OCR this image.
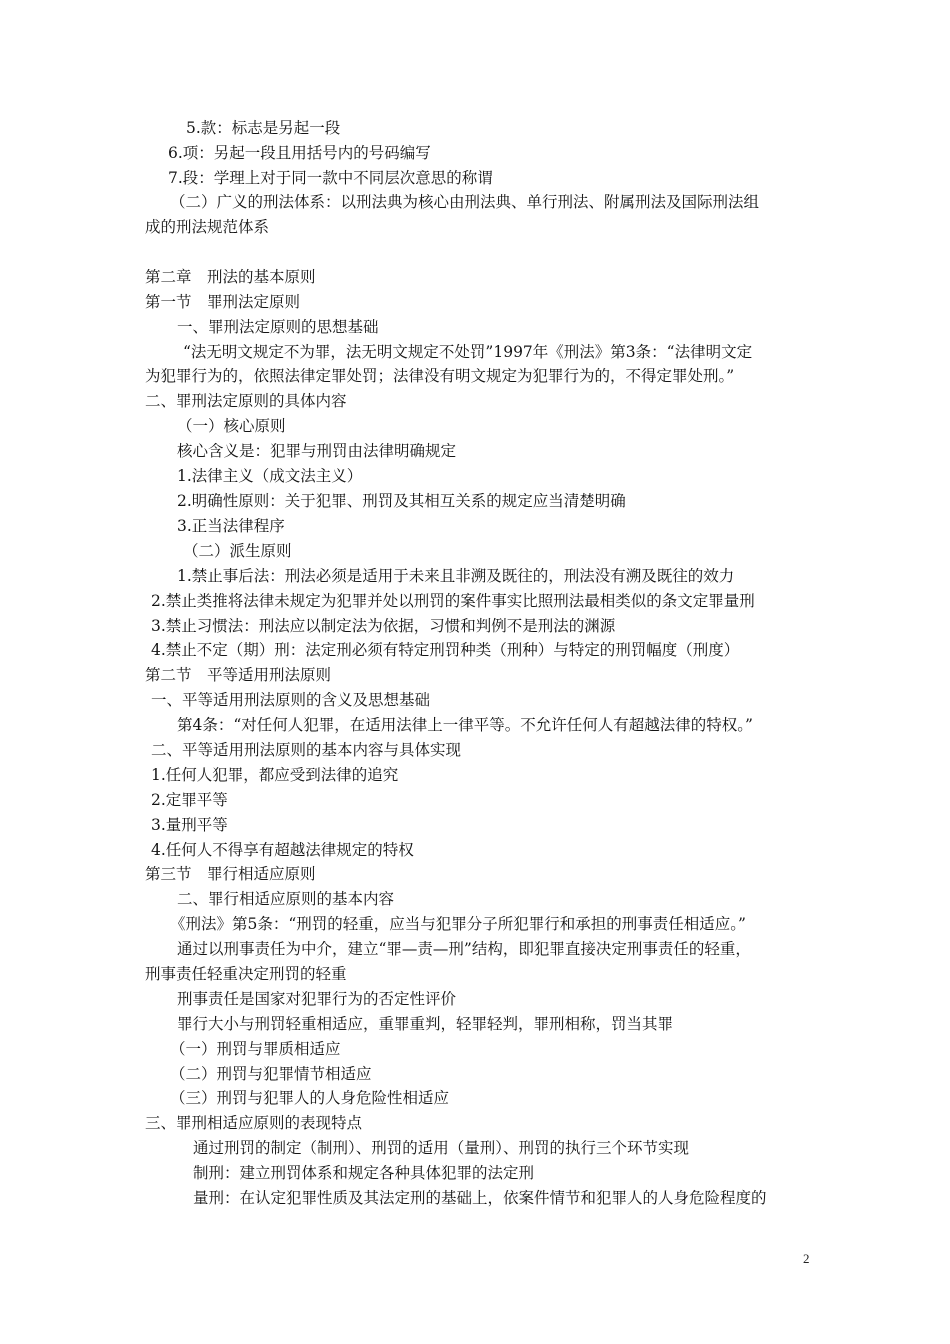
5.款：标志是另起一段
6.项：另起一段且用括号内的号码编写
7.段：学理上对于同一款中不同层次意思的称谓
（二）广义的刑法体系：以刑法典为核心由刑法典、单行刑法、附属刑法及国际刑法组
成的刑法规范体系
第二章　刑法的基本原则
第一节　罪刑法定原则
一、罪刑法定原则的思想基础
“法无明文规定不为罪，法无明文规定不处罚”1997年《刑法》第3条：“法律明文定
为犯罪行为的，依照法律定罪处罚；法律没有明文规定为犯罪行为的，不得定罪处刑。”
二、罪刑法定原则的具体内容
（一）核心原则
核心含义是：犯罪与刑罚由法律明确规定
1.法律主义（成文法主义）
2.明确性原则：关于犯罪、刑罚及其相互关系的规定应当清楚明确
3.正当法律程序
（二）派生原则
1.禁止事后法：刑法必须是适用于未来且非溯及既往的，刑法没有溯及既往的效力
2.禁止类推将法律未规定为犯罪并处以刑罚的案件事实比照刑法最相类似的条文定罪量刑
3.禁止习惯法：刑法应以制定法为依据，习惯和判例不是刑法的渊源
4.禁止不定（期）刑：法定刑必须有特定刑罚种类（刑种）与特定的刑罚幅度（刑度）
第二节　平等适用刑法原则
一、平等适用刑法原则的含义及思想基础
第4条：“对任何人犯罪，在适用法律上一律平等。不允许任何人有超越法律的特权。”
二、平等适用刑法原则的基本内容与具体实现
1.任何人犯罪，都应受到法律的追究
2.定罪平等
3.量刑平等
4.任何人不得享有超越法律规定的特权
第三节　罪行相适应原则
二、罪行相适应原则的基本内容
《刑法》第5条：“刑罚的轻重，应当与犯罪分子所犯罪行和承担的刑事责任相适应。”
通过以刑事责任为中介，建立“罪—责—刑”结构，即犯罪直接决定刑事责任的轻重，
刑事责任轻重决定刑罚的轻重
刑事责任是国家对犯罪行为的否定性评价
罪行大小与刑罚轻重相适应，重罪重判，轻罪轻判，罪刑相称，罚当其罪
（一）刑罚与罪质相适应
（二）刑罚与犯罪情节相适应
（三）刑罚与犯罪人的人身危险性相适应
三、罪刑相适应原则的表现特点
通过刑罚的制定（制刑）、刑罚的适用（量刑）、刑罚的执行三个环节实现
制刑：建立刑罚体系和规定各种具体犯罪的法定刑
量刑：在认定犯罪性质及其法定刑的基础上，依案件情节和犯罪人的人身危险程度的
2
